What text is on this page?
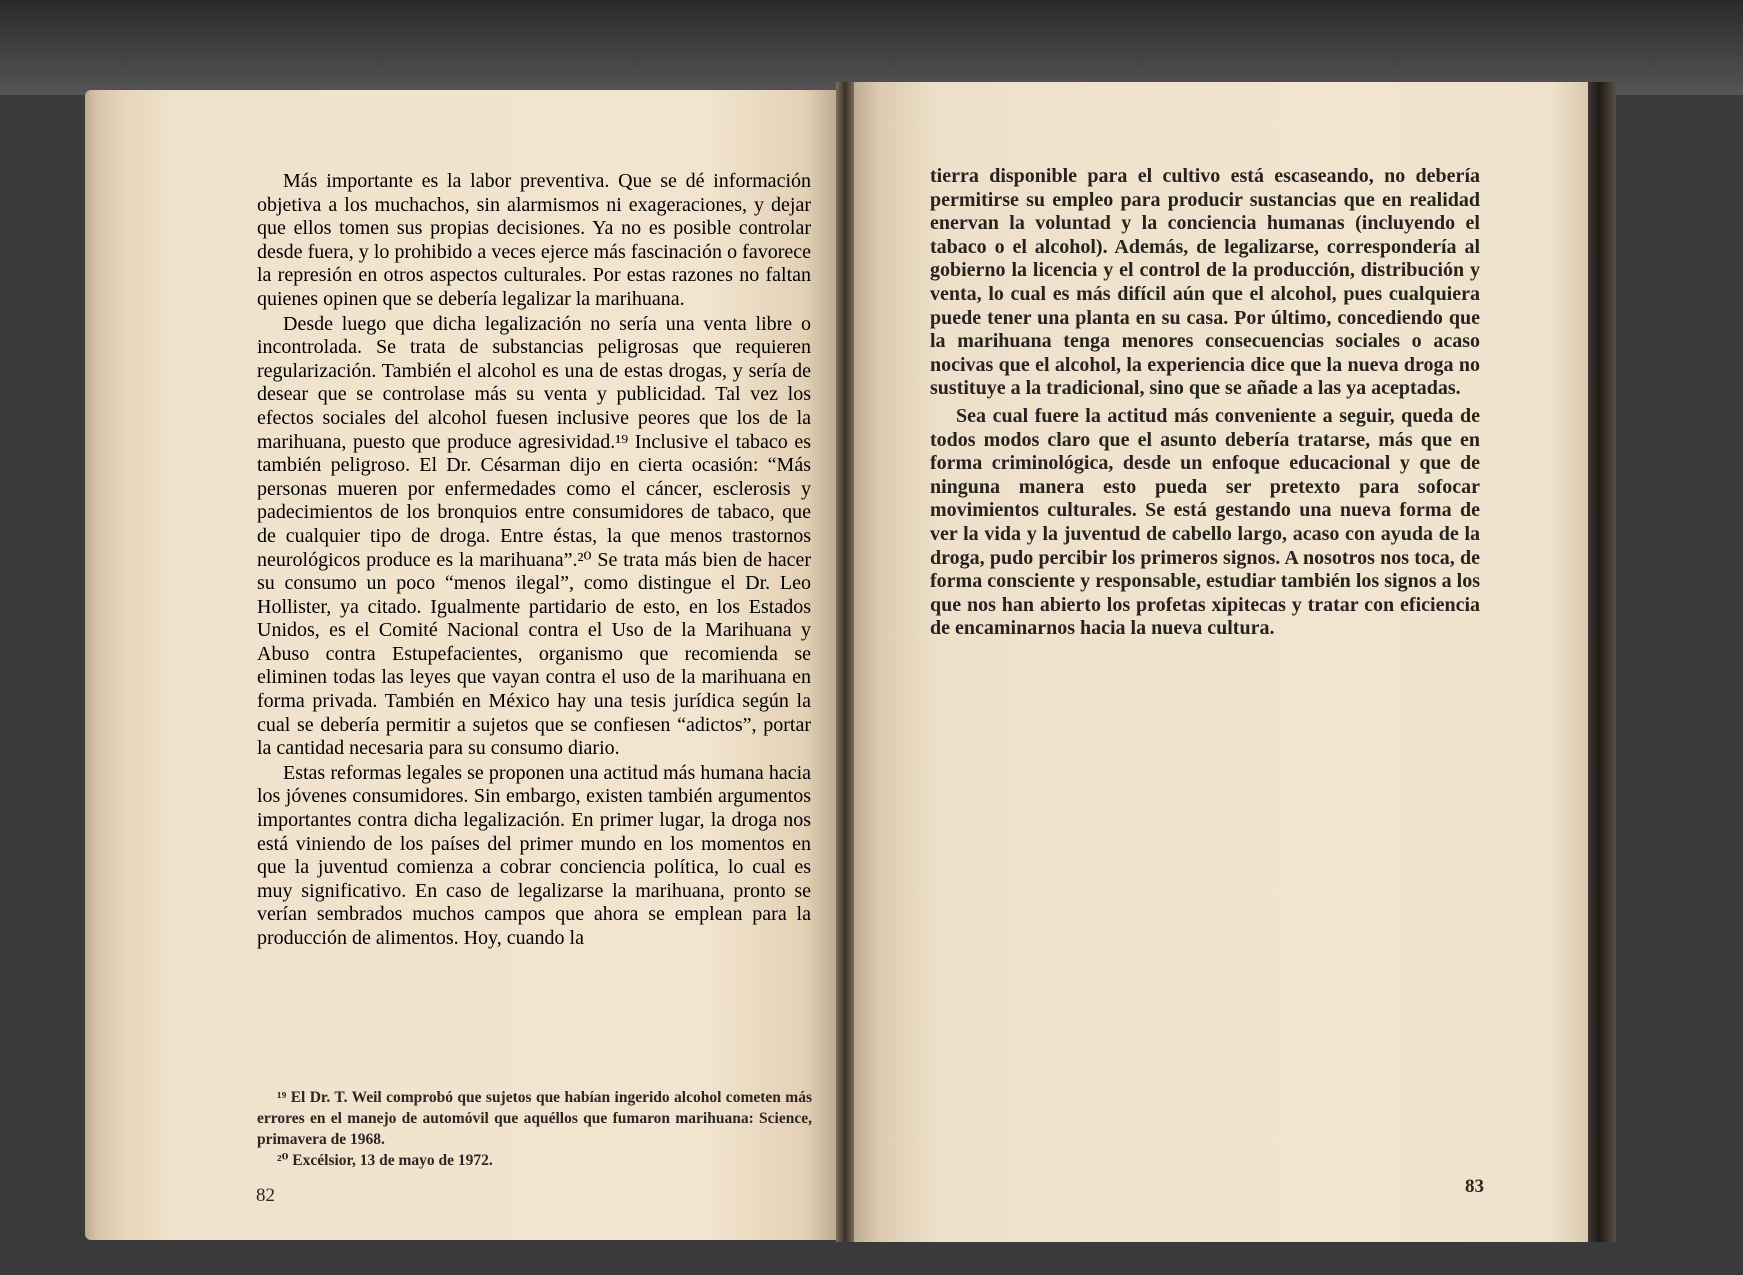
Más importante es la labor preventiva. Que se dé información objetiva a los muchachos, sin alarmismos ni exageraciones, y dejar que ellos tomen sus propias decisiones. Ya no es posible controlar desde fuera, y lo prohibido a veces ejerce más fascinación o favorece la represión en otros aspectos culturales. Por estas razones no faltan quienes opinen que se debería legalizar la marihuana.

Desde luego que dicha legalización no sería una venta libre o incontrolada. Se trata de substancias peligrosas que requieren regularización. También el alcohol es una de estas drogas, y sería de desear que se controlase más su venta y publicidad. Tal vez los efectos sociales del alcohol fuesen inclusive peores que los de la marihuana, puesto que produce agresividad.¹⁹ Inclusive el tabaco es también peligroso. El Dr. Césarman dijo en cierta ocasión: “Más personas mueren por enfermedades como el cáncer, esclerosis y padecimientos de los bronquios entre consumidores de tabaco, que de cualquier tipo de droga. Entre éstas, la que menos trastornos neurológicos produce es la marihuana”.²⁰ Se trata más bien de hacer su consumo un poco “menos ilegal”, como distingue el Dr. Leo Hollister, ya citado. Igualmente partidario de esto, en los Estados Unidos, es el Comité Nacional contra el Uso de la Marihuana y Abuso contra Estupefacientes, organismo que recomienda se eliminen todas las leyes que vayan contra el uso de la marihuana en forma privada. También en México hay una tesis jurídica según la cual se debería permitir a sujetos que se confiesen “adictos”, portar la cantidad necesaria para su consumo diario.

Estas reformas legales se proponen una actitud más humana hacia los jóvenes consumidores. Sin embargo, existen también argumentos importantes contra dicha legalización. En primer lugar, la droga nos está viniendo de los países del primer mundo en los momentos en que la juventud comienza a cobrar conciencia política, lo cual es muy significativo. En caso de legalizarse la marihuana, pronto se verían sembrados muchos campos que ahora se emplean para la producción de alimentos. Hoy, cuando la

¹⁹ El Dr. T. Weil comprobó que sujetos que habían ingerido alcohol cometen más errores en el manejo de automóvil que aquéllos que fumaron marihuana: Science, primavera de 1968.

²⁰ Excélsior, 13 de mayo de 1972.

82

tierra disponible para el cultivo está escaseando, no debería permitirse su empleo para producir sustancias que en realidad enervan la voluntad y la conciencia humanas (incluyendo el tabaco o el alcohol). Además, de legalizarse, correspondería al gobierno la licencia y el control de la producción, distribución y venta, lo cual es más difícil aún que el alcohol, pues cualquiera puede tener una planta en su casa. Por último, concediendo que la marihuana tenga menores consecuencias sociales o acaso nocivas que el alcohol, la experiencia dice que la nueva droga no sustituye a la tradicional, sino que se añade a las ya aceptadas.

Sea cual fuere la actitud más conveniente a seguir, queda de todos modos claro que el asunto debería tratarse, más que en forma criminológica, desde un enfoque educacional y que de ninguna manera esto pueda ser pretexto para sofocar movimientos culturales. Se está gestando una nueva forma de ver la vida y la juventud de cabello largo, acaso con ayuda de la droga, pudo percibir los primeros signos. A nosotros nos toca, de forma consciente y responsable, estudiar también los signos a los que nos han abierto los profetas xipitecas y tratar con eficiencia de encaminarnos hacia la nueva cultura.

83
